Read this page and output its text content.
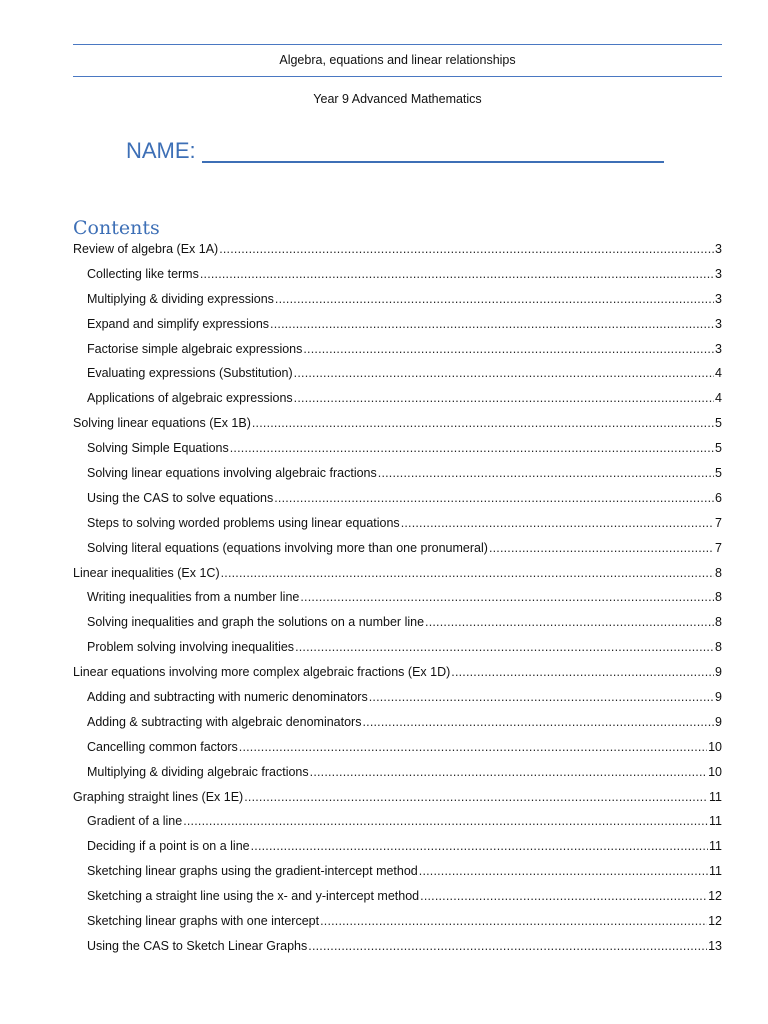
Algebra, equations and linear relationships
Year 9 Advanced Mathematics
NAME:
Contents
Review of algebra (Ex 1A) .....	3
Collecting like terms .....	3
Multiplying & dividing expressions .....	3
Expand and simplify expressions .....	3
Factorise simple algebraic expressions .....	3
Evaluating expressions (Substitution) .....	4
Applications of algebraic expressions .....	4
Solving linear equations (Ex 1B) .....	5
Solving Simple Equations .....	5
Solving linear equations involving algebraic fractions .....	5
Using the CAS to solve equations .....	6
Steps to solving worded problems using linear equations .....	7
Solving literal equations (equations involving more than one pronumeral) .....	7
Linear inequalities (Ex 1C) .....	8
Writing inequalities from a number line .....	8
Solving inequalities and graph the solutions on a number line .....	8
Problem solving involving inequalities .....	8
Linear equations involving more complex algebraic fractions (Ex 1D) .....	9
Adding and subtracting with numeric denominators .....	9
Adding & subtracting with algebraic denominators .....	9
Cancelling common factors .....	10
Multiplying & dividing algebraic fractions .....	10
Graphing straight lines (Ex 1E) .....	11
Gradient of a line .....	11
Deciding if a point is on a line .....	11
Sketching linear graphs using the gradient-intercept method .....	11
Sketching a straight line using the x- and y-intercept method .....	12
Sketching linear graphs with one intercept .....	12
Using the CAS to Sketch Linear Graphs .....	13
